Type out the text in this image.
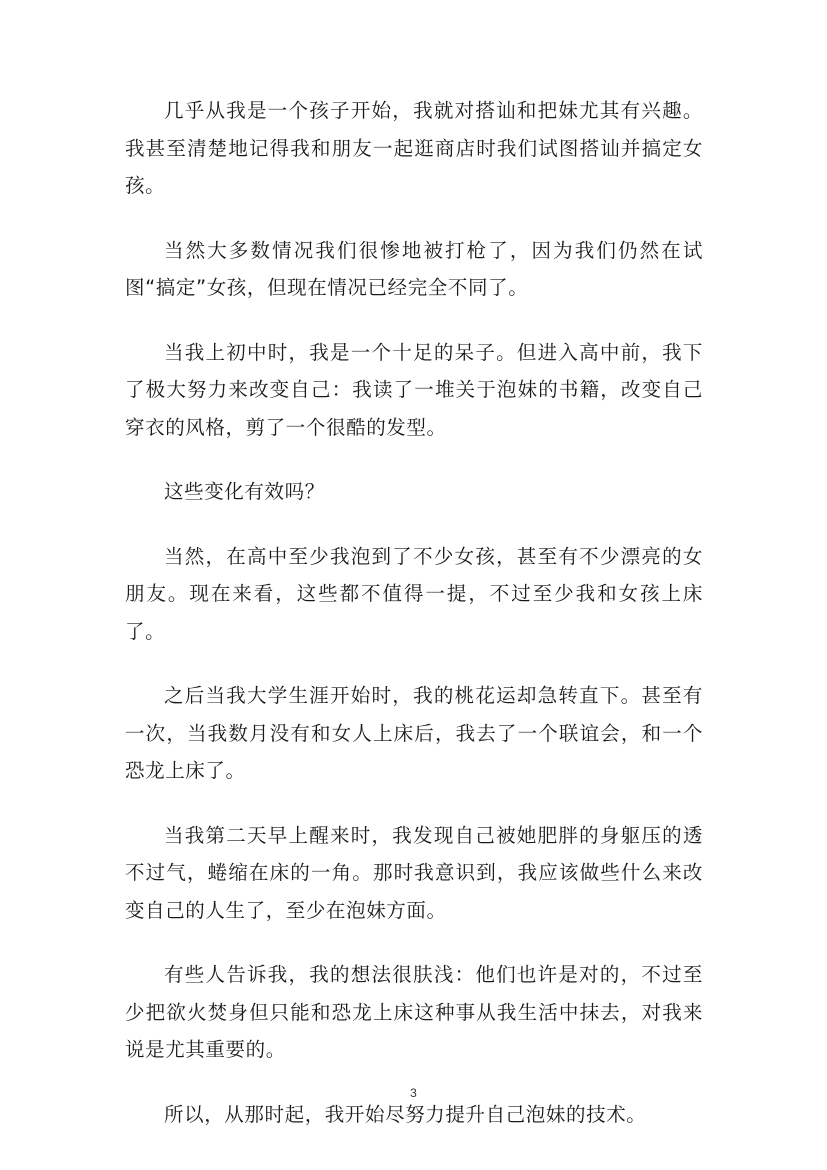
几乎从我是一个孩子开始，我就对搭讪和把妹尤其有兴趣。我甚至清楚地记得我和朋友一起逛商店时我们试图搭讪并搞定女孩。

当然大多数情况我们很惨地被打枪了，因为我们仍然在试图“搞定”女孩，但现在情况已经完全不同了。

当我上初中时，我是一个十足的呆子。但进入高中前，我下了极大努力来改变自己：我读了一堆关于泡妹的书籍，改变自己穿衣的风格，剪了一个很酷的发型。

这些变化有效吗？

当然，在高中至少我泡到了不少女孩，甚至有不少漂亮的女朋友。现在来看，这些都不值得一提，不过至少我和女孩上床了。

之后当我大学生涯开始时，我的桃花运却急转直下。甚至有一次，当我数月没有和女人上床后，我去了一个联谊会，和一个恐龙上床了。

当我第二天早上醒来时，我发现自己被她肥胖的身躯压的透不过气，蜷缩在床的一角。那时我意识到，我应该做些什么来改变自己的人生了，至少在泡妹方面。

有些人告诉我，我的想法很肤浅：他们也许是对的，不过至少把欲火焚身但只能和恐龙上床这种事从我生活中抹去，对我来说是尤其重要的。

所以，从那时起，我开始尽努力提升自己泡妹的技术。

3
